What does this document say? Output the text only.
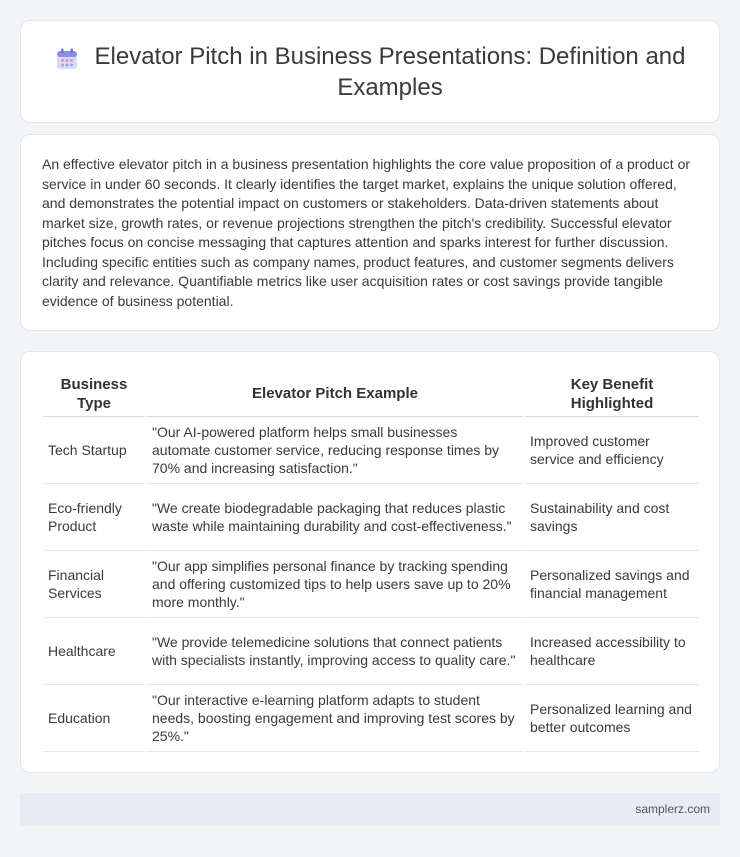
Elevator Pitch in Business Presentations: Definition and Examples

An effective elevator pitch in a business presentation highlights the core value proposition of a product or service in under 60 seconds. It clearly identifies the target market, explains the unique solution offered, and demonstrates the potential impact on customers or stakeholders. Data-driven statements about market size, growth rates, or revenue projections strengthen the pitch's credibility. Successful elevator pitches focus on concise messaging that captures attention and sparks interest for further discussion. Including specific entities such as company names, product features, and customer segments delivers clarity and relevance. Quantifiable metrics like user acquisition rates or cost savings provide tangible evidence of business potential.

Business Type	Elevator Pitch Example	Key Benefit Highlighted
Tech Startup	"Our AI-powered platform helps small businesses automate customer service, reducing response times by 70% and increasing satisfaction."	Improved customer service and efficiency
Eco-friendly Product	"We create biodegradable packaging that reduces plastic waste while maintaining durability and cost-effectiveness."	Sustainability and cost savings
Financial Services	"Our app simplifies personal finance by tracking spending and offering customized tips to help users save up to 20% more monthly."	Personalized savings and financial management
Healthcare	"We provide telemedicine solutions that connect patients with specialists instantly, improving access to quality care."	Increased accessibility to healthcare
Education	"Our interactive e-learning platform adapts to student needs, boosting engagement and improving test scores by 25%."	Personalized learning and better outcomes
samplerz.com
